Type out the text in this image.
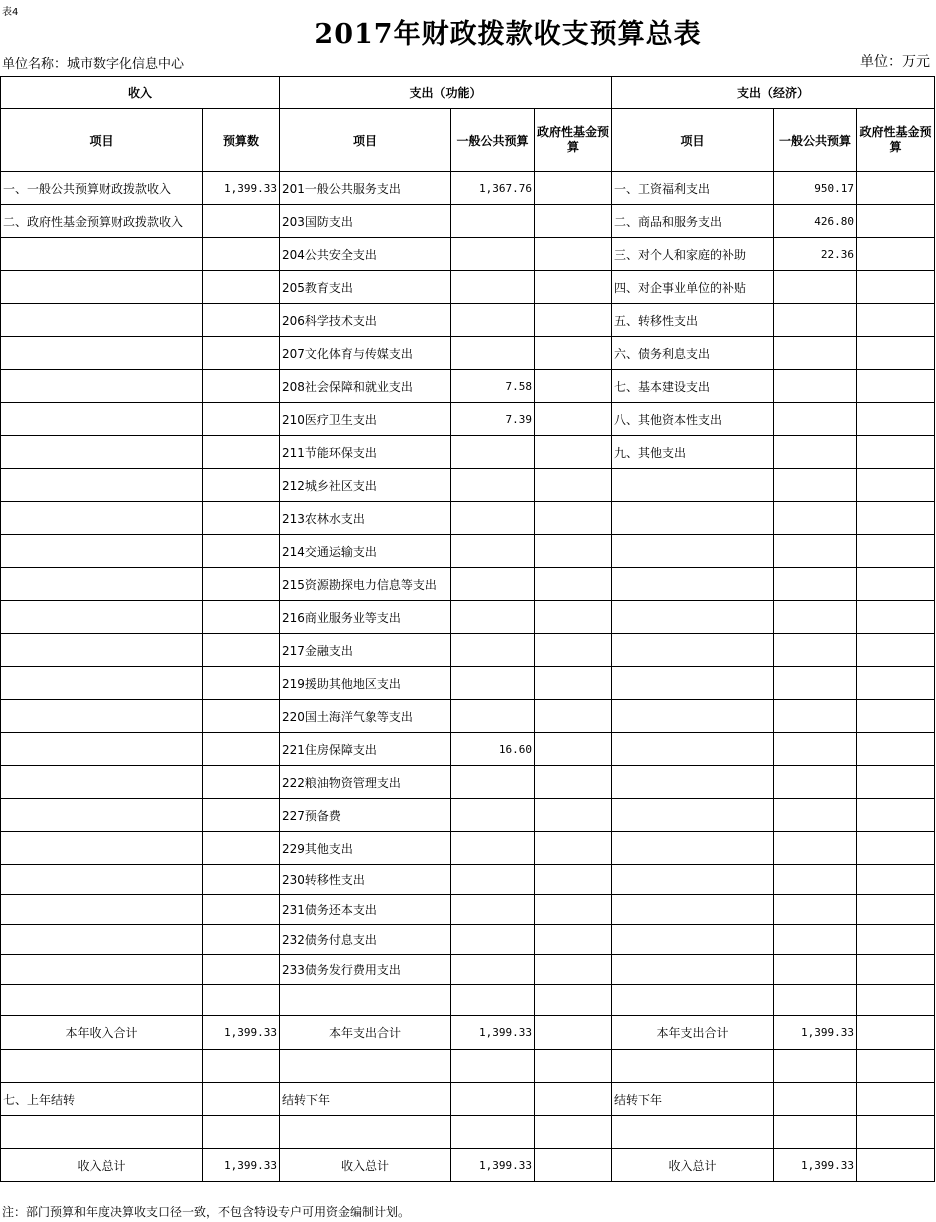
表4
2017年财政拨款收支预算总表
单位名称：城市数字化信息中心	单位：万元
收入		支出（功能）			支出（经济）		
项目	预算数	项目	一般公共预算	政府性基金预算	项目	一般公共预算	政府性基金预算
一、一般公共预算财政拨款收入	1,399.33	201一般公共服务支出	1,367.76		一、工资福利支出	950.17	
二、政府性基金预算财政拨款收入		203国防支出			二、商品和服务支出	426.80	
		204公共安全支出			三、对个人和家庭的补助	22.36	
		205教育支出			四、对企事业单位的补贴		
		206科学技术支出			五、转移性支出		
		207文化体育与传媒支出			六、债务利息支出		
		208社会保障和就业支出	7.58		七、基本建设支出		
		210医疗卫生支出	7.39		八、其他资本性支出		
		211节能环保支出			九、其他支出		
		212城乡社区支出					
		213农林水支出					
		214交通运输支出					
		215资源勘探电力信息等支出					
		216商业服务业等支出					
		217金融支出					
		219援助其他地区支出					
		220国土海洋气象等支出					
		221住房保障支出	16.60				
		222粮油物资管理支出					
		227预备费					
		229其他支出					
		230转移性支出					
		231债务还本支出					
		232债务付息支出					
		233债务发行费用支出					

本年收入合计	1,399.33	本年支出合计	1,399.33		本年支出合计	1,399.33	

七、上年结转		结转下年			结转下年		

收入总计	1,399.33	收入总计	1,399.33		收入总计	1,399.33	
注：部门预算和年度决算收支口径一致，不包含特设专户可用资金编制计划。
